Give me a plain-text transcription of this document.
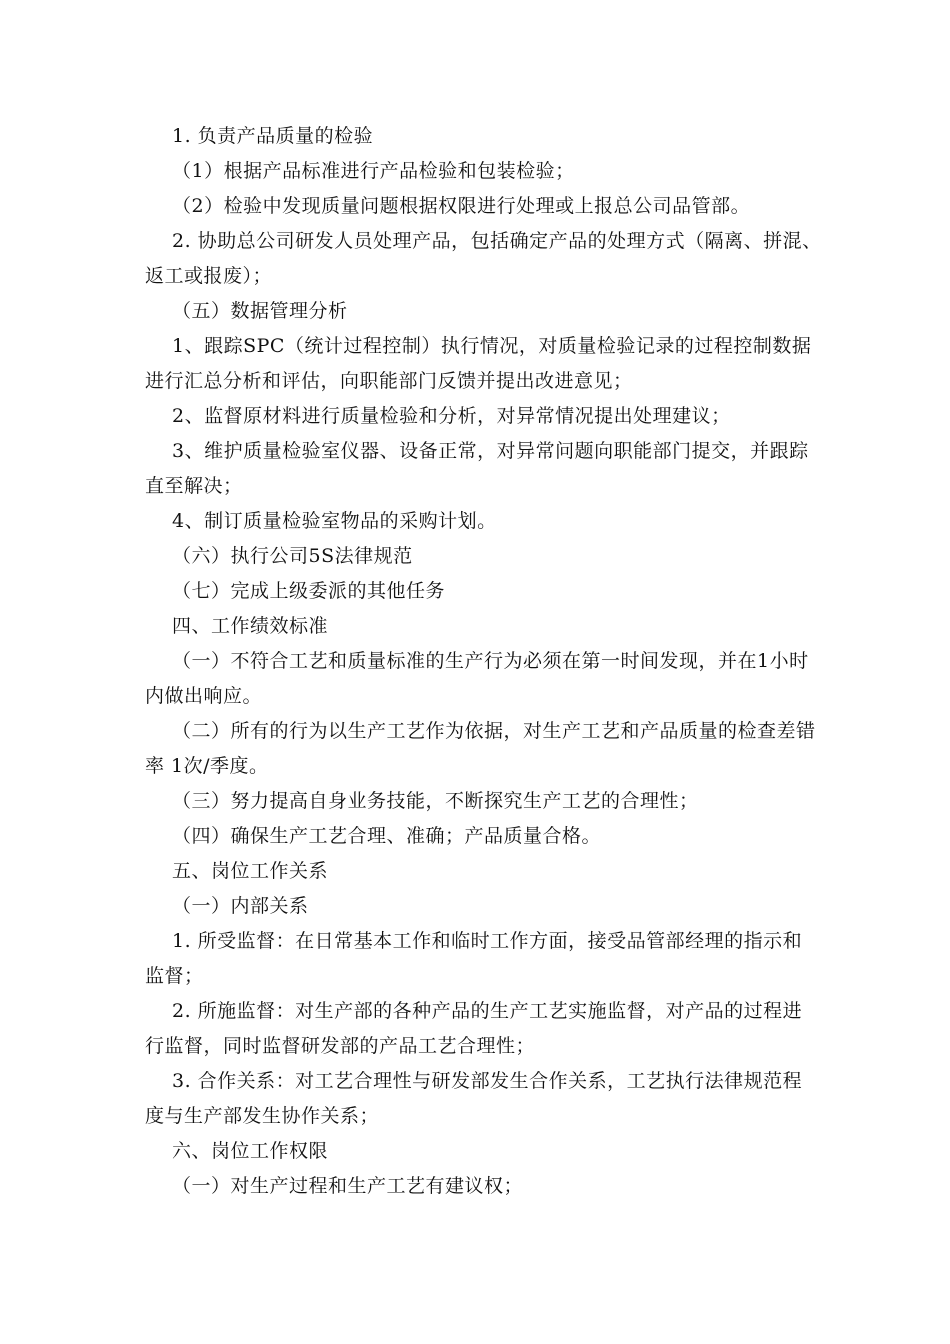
1. 负责产品质量的检验
（1）根据产品标准进行产品检验和包装检验；
（2）检验中发现质量问题根据权限进行处理或上报总公司品管部。
2. 协助总公司研发人员处理产品，包括确定产品的处理方式（隔离、拼混、
返工或报废）；
（五）数据管理分析
1、跟踪SPC（统计过程控制）执行情况，对质量检验记录的过程控制数据
进行汇总分析和评估，向职能部门反馈并提出改进意见；
2、监督原材料进行质量检验和分析，对异常情况提出处理建议；
3、维护质量检验室仪器、设备正常，对异常问题向职能部门提交，并跟踪
直至解决；
4、制订质量检验室物品的采购计划。
（六）执行公司5S法律规范
（七）完成上级委派的其他任务
四、工作绩效标准
（一）不符合工艺和质量标准的生产行为必须在第一时间发现，并在1小时
内做出响应。
（二）所有的行为以生产工艺作为依据，对生产工艺和产品质量的检查差错
率 1次/季度。
（三）努力提高自身业务技能，不断探究生产工艺的合理性；
（四）确保生产工艺合理、准确；产品质量合格。
五、岗位工作关系
（一）内部关系
1. 所受监督：在日常基本工作和临时工作方面，接受品管部经理的指示和
监督；
2. 所施监督：对生产部的各种产品的生产工艺实施监督，对产品的过程进
行监督，同时监督研发部的产品工艺合理性；
3. 合作关系：对工艺合理性与研发部发生合作关系，工艺执行法律规范程
度与生产部发生协作关系；
六、岗位工作权限
（一）对生产过程和生产工艺有建议权；
